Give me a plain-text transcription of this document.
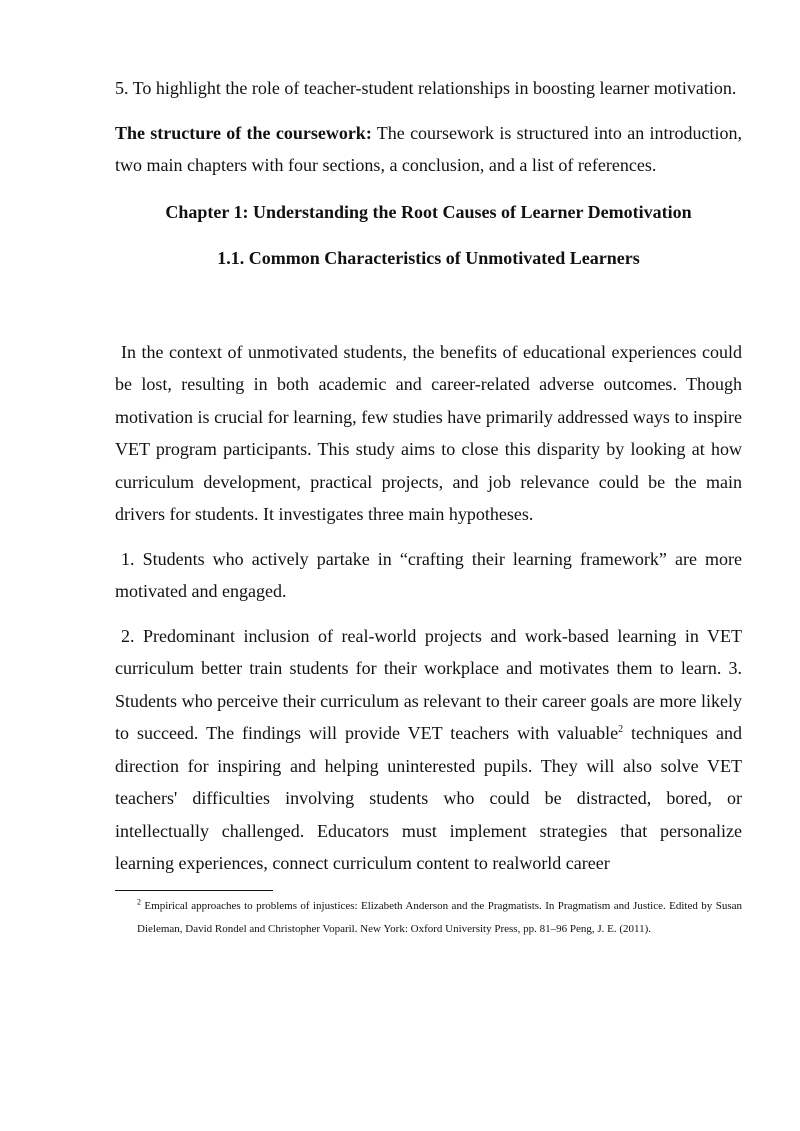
5. To highlight the role of teacher-student relationships in boosting learner motivation.

The structure of the coursework: The coursework is structured into an introduction, two main chapters with four sections, a conclusion, and a list of references.

Chapter 1: Understanding the Root Causes of Learner Demotivation
1.1. Common Characteristics of Unmotivated Learners

In the context of unmotivated students, the benefits of educational experiences could be lost, resulting in both academic and career-related adverse outcomes. Though motivation is crucial for learning, few studies have primarily addressed ways to inspire VET program participants. This study aims to close this disparity by looking at how curriculum development, practical projects, and job relevance could be the main drivers for students. It investigates three main hypotheses.

1. Students who actively partake in “crafting their learning framework” are more motivated and engaged.

2. Predominant inclusion of real-world projects and work-based learning in VET curriculum better train students for their workplace and motivates them to learn. 3. Students who perceive their curriculum as relevant to their career goals are more likely to succeed. The findings will provide VET teachers with valuable$^2$ techniques and direction for inspiring and helping uninterested pupils. They will also solve VET teachers' difficulties involving students who could be distracted, bored, or intellectually challenged. Educators must implement strategies that personalize learning experiences, connect curriculum content to realworld career

$^2$ Empirical approaches to problems of injustices: Elizabeth Anderson and the Pragmatists. In Pragmatism and Justice. Edited by Susan Dieleman, David Rondel and Christopher Voparil. New York: Oxford University Press, pp. 81–96 Peng, J. E. (2011).
